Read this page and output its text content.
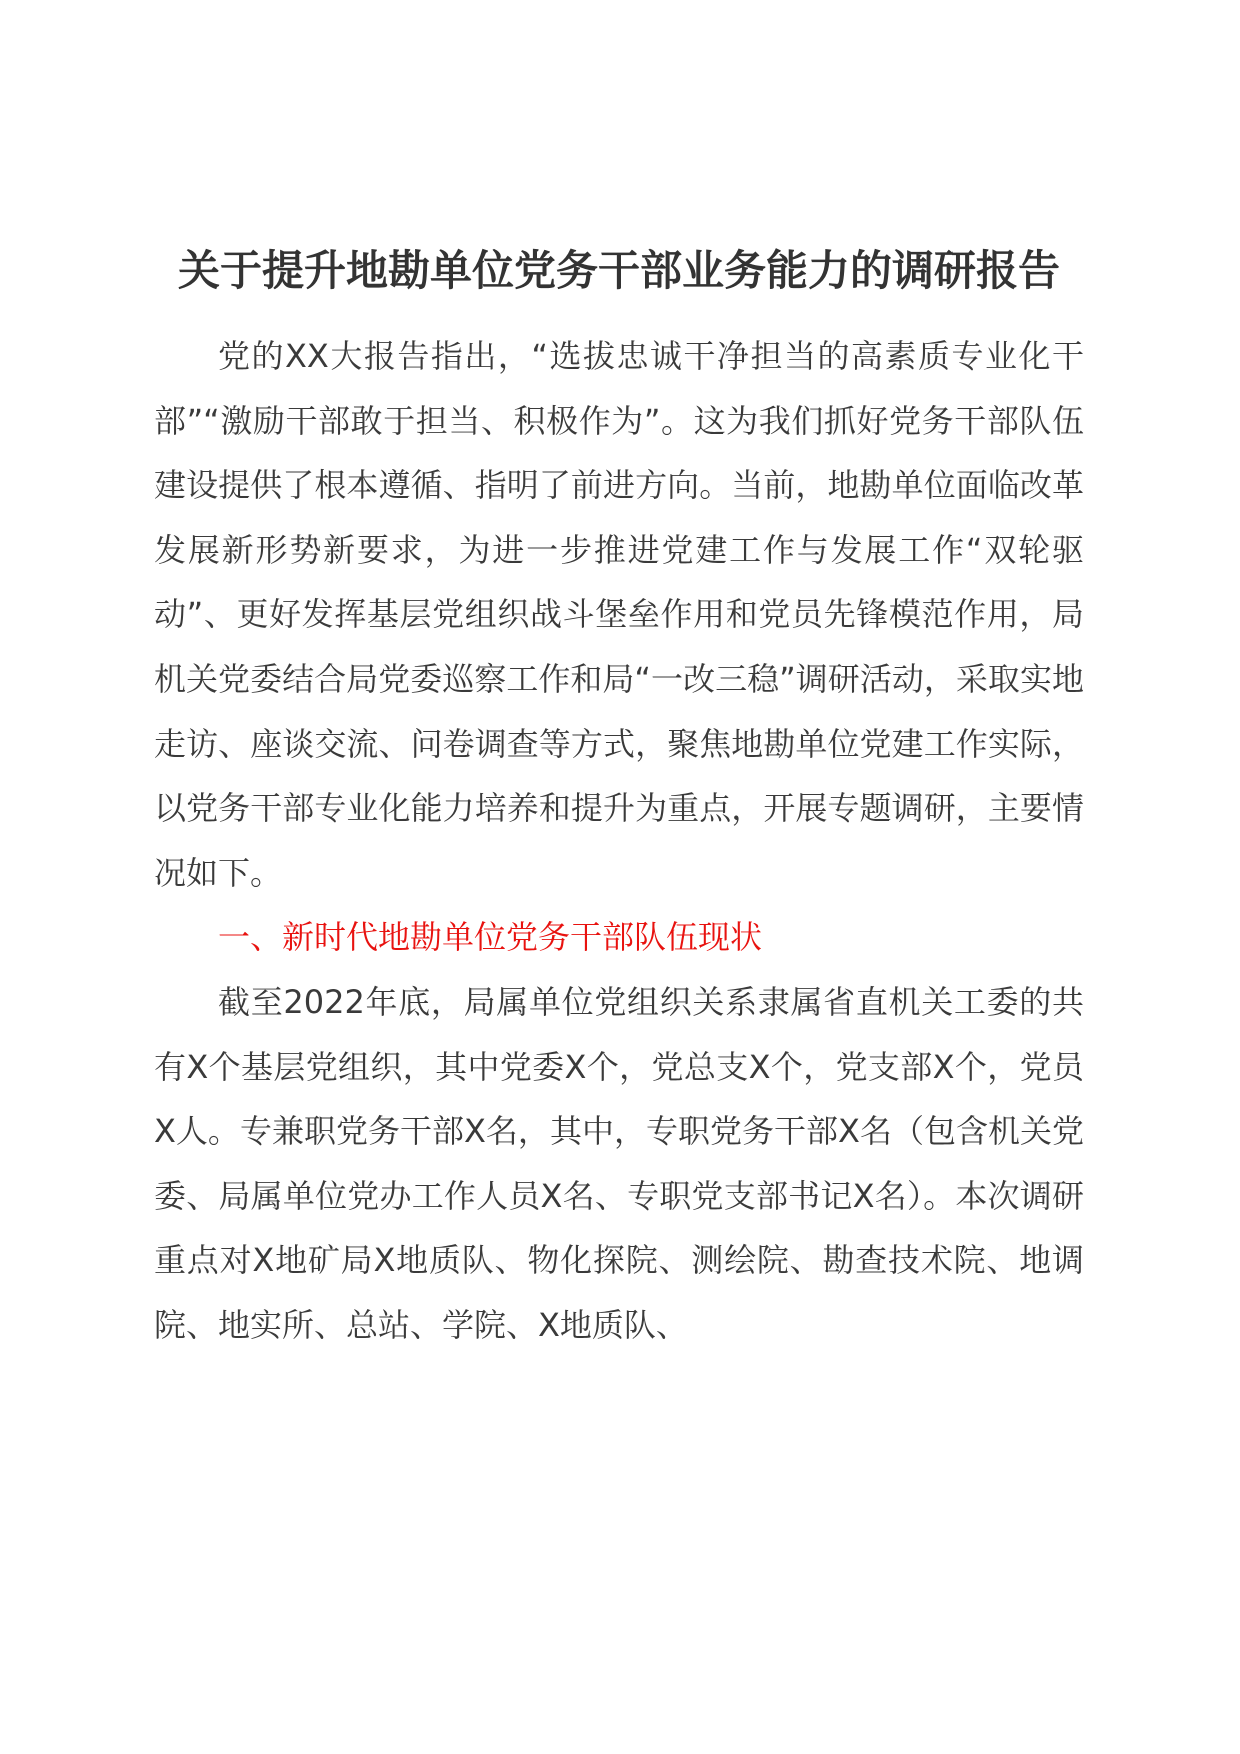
关于提升地勘单位党务干部业务能力的调研报告

党的XX大报告指出，“选拔忠诚干净担当的高素质专业化干部”“激励干部敢于担当、积极作为”。这为我们抓好党务干部队伍建设提供了根本遵循、指明了前进方向。当前，地勘单位面临改革发展新形势新要求，为进一步推进党建工作与发展工作“双轮驱动”、更好发挥基层党组织战斗堡垒作用和党员先锋模范作用，局机关党委结合局党委巡察工作和局“一改三稳”调研活动，采取实地走访、座谈交流、问卷调查等方式，聚焦地勘单位党建工作实际，以党务干部专业化能力培养和提升为重点，开展专题调研，主要情况如下。

一、新时代地勘单位党务干部队伍现状

截至2022年底，局属单位党组织关系隶属省直机关工委的共有X个基层党组织，其中党委X个，党总支X个，党支部X个，党员X人。专兼职党务干部X名，其中，专职党务干部X名（包含机关党委、局属单位党办工作人员X名、专职党支部书记X名）。本次调研重点对X地矿局X地质队、物化探院、测绘院、勘查技术院、地调院、地实所、总站、学院、X地质队、
